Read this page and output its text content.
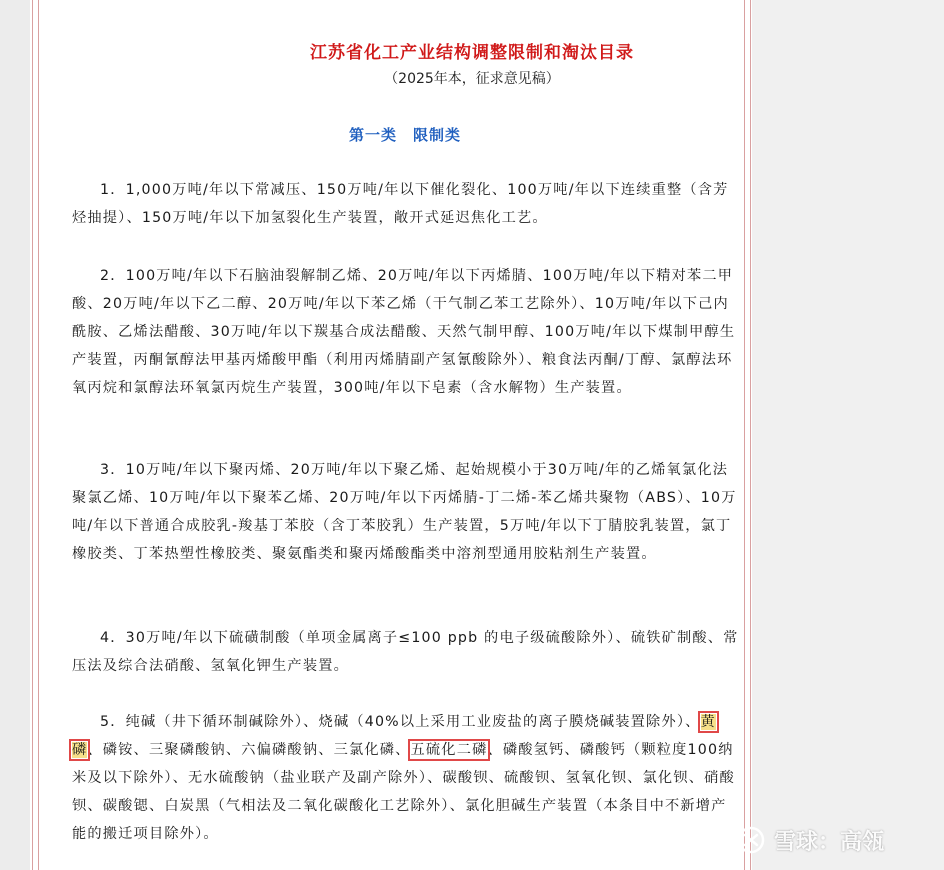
江苏省化工产业结构调整限制和淘汰目录
（2025年本，征求意见稿）
第一类　限制类

1．1,000万吨/年以下常减压、150万吨/年以下催化裂化、100万吨/年以下连续重整（含芳烃抽提）、150万吨/年以下加氢裂化生产装置，敞开式延迟焦化工艺。

2．100万吨/年以下石脑油裂解制乙烯、20万吨/年以下丙烯腈、100万吨/年以下精对苯二甲酸、20万吨/年以下乙二醇、20万吨/年以下苯乙烯（干气制乙苯工艺除外）、10万吨/年以下己内酰胺、乙烯法醋酸、30万吨/年以下羰基合成法醋酸、天然气制甲醇、100万吨/年以下煤制甲醇生产装置，丙酮氰醇法甲基丙烯酸甲酯（利用丙烯腈副产氢氰酸除外）、粮食法丙酮/丁醇、氯醇法环氧丙烷和氯醇法环氧氯丙烷生产装置，300吨/年以下皂素（含水解物）生产装置。

3．10万吨/年以下聚丙烯、20万吨/年以下聚乙烯、起始规模小于30万吨/年的乙烯氧氯化法聚氯乙烯、10万吨/年以下聚苯乙烯、20万吨/年以下丙烯腈-丁二烯-苯乙烯共聚物（ABS）、10万吨/年以下普通合成胶乳-羧基丁苯胶（含丁苯胶乳）生产装置，5万吨/年以下丁腈胶乳装置，氯丁橡胶类、丁苯热塑性橡胶类、聚氨酯类和聚丙烯酸酯类中溶剂型通用胶粘剂生产装置。

4．30万吨/年以下硫磺制酸（单项金属离子≤100 ppb 的电子级硫酸除外）、硫铁矿制酸、常压法及综合法硝酸、氢氧化钾生产装置。

5．纯碱（井下循环制碱除外）、烧碱（40%以上采用工业废盐的离子膜烧碱装置除外）、黄磷、磷铵、三聚磷酸钠、六偏磷酸钠、三氯化磷、五硫化二磷、磷酸氢钙、磷酸钙（颗粒度100纳米及以下除外）、无水硫酸钠（盐业联产及副产除外）、碳酸钡、硫酸钡、氢氧化钡、氯化钡、硝酸钡、碳酸锶、白炭黑（气相法及二氧化碳酸化工艺除外）、氯化胆碱生产装置（本条目中不新增产能的搬迁项目除外）。	雪球：高瓴
